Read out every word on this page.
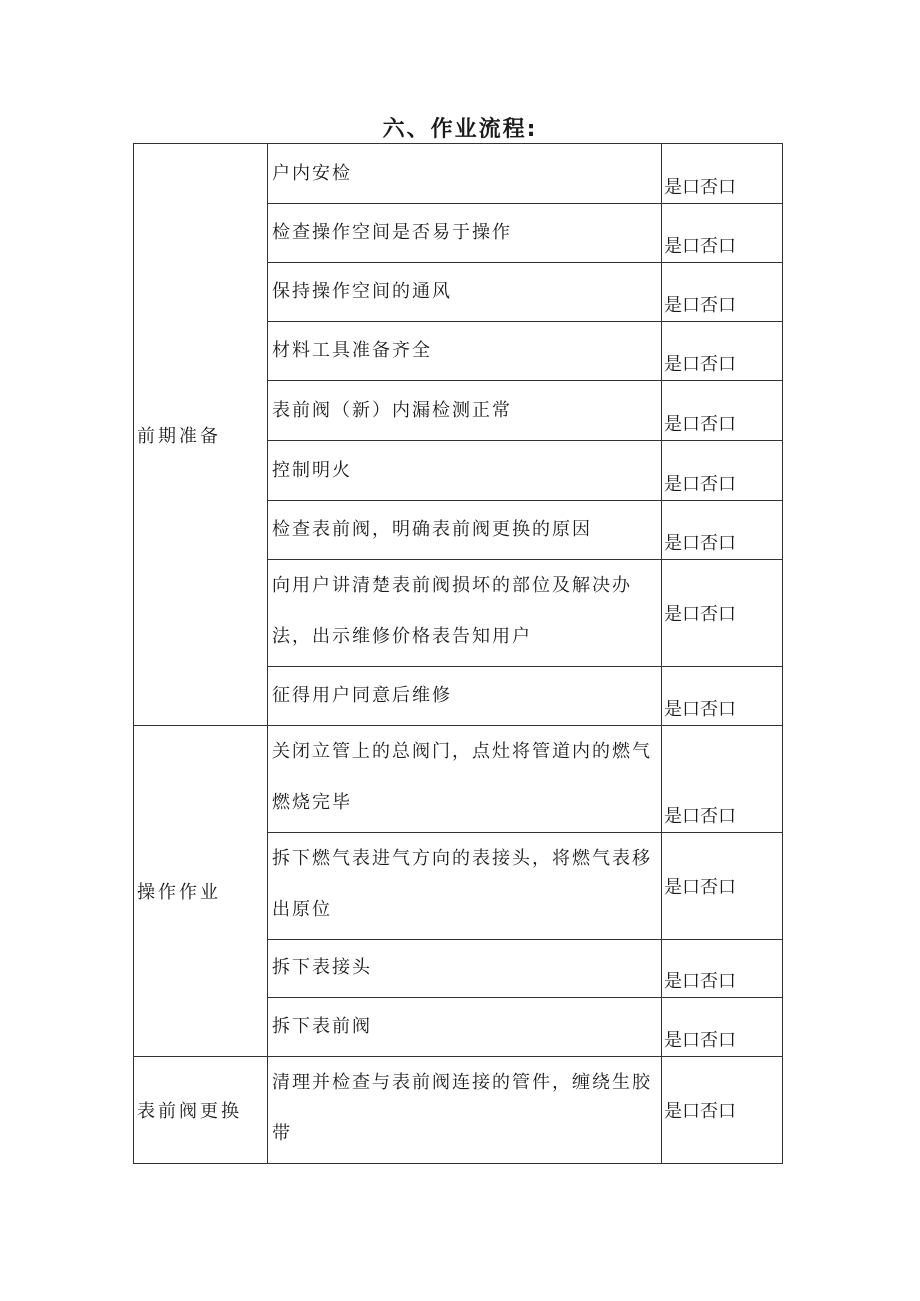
六、作业流程:
前期准备	户内安检	是口否口
	检查操作空间是否易于操作	是口否口
	保持操作空间的通风	是口否口
	材料工具准备齐全	是口否口
	表前阀（新）内漏检测正常	是口否口
	控制明火	是口否口
	检查表前阀，明确表前阀更换的原因	是口否口
	向用户讲清楚表前阀损坏的部位及解决办法，出示维修价格表告知用户	是口否口
	征得用户同意后维修	是口否口
操作作业	关闭立管上的总阀门，点灶将管道内的燃气燃烧完毕	是口否口
	拆下燃气表进气方向的表接头，将燃气表移出原位	是口否口
	拆下表接头	是口否口
	拆下表前阀	是口否口
表前阀更换	清理并检查与表前阀连接的管件，缠绕生胶带	是口否口
